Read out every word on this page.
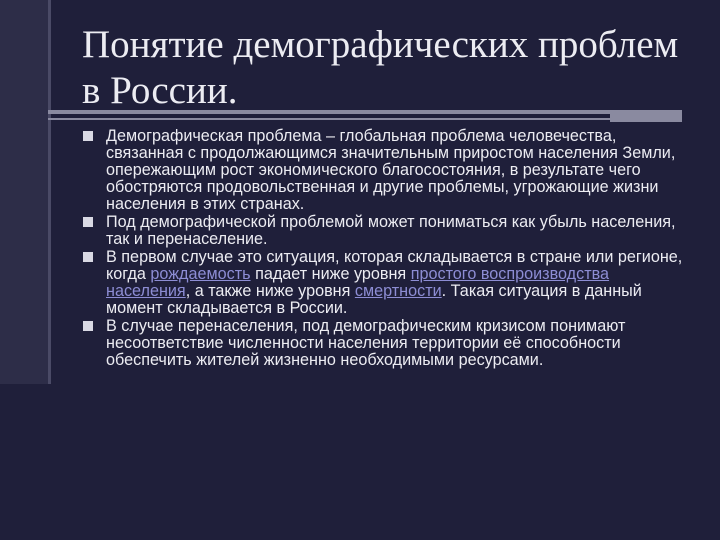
Понятие демографических проблем
в России.
Демографическая проблема – глобальная проблема человечества, связанная с продолжающимся значительным приростом населения Земли, опережающим рост экономического благосостояния, в результате чего обостряются продовольственная и другие проблемы, угрожающие жизни населения в этих странах.
Под демографической проблемой может пониматься как убыль населения, так и перенаселение.
В первом случае это ситуация, которая складывается в стране или регионе, когда рождаемость падает ниже уровня простого воспроизводства населения, а также ниже уровня смертности. Такая ситуация в данный момент складывается в России.
В случае перенаселения, под демографическим кризисом понимают несоответствие численности населения территории её способности обеспечить жителей жизненно необходимыми ресурсами.
